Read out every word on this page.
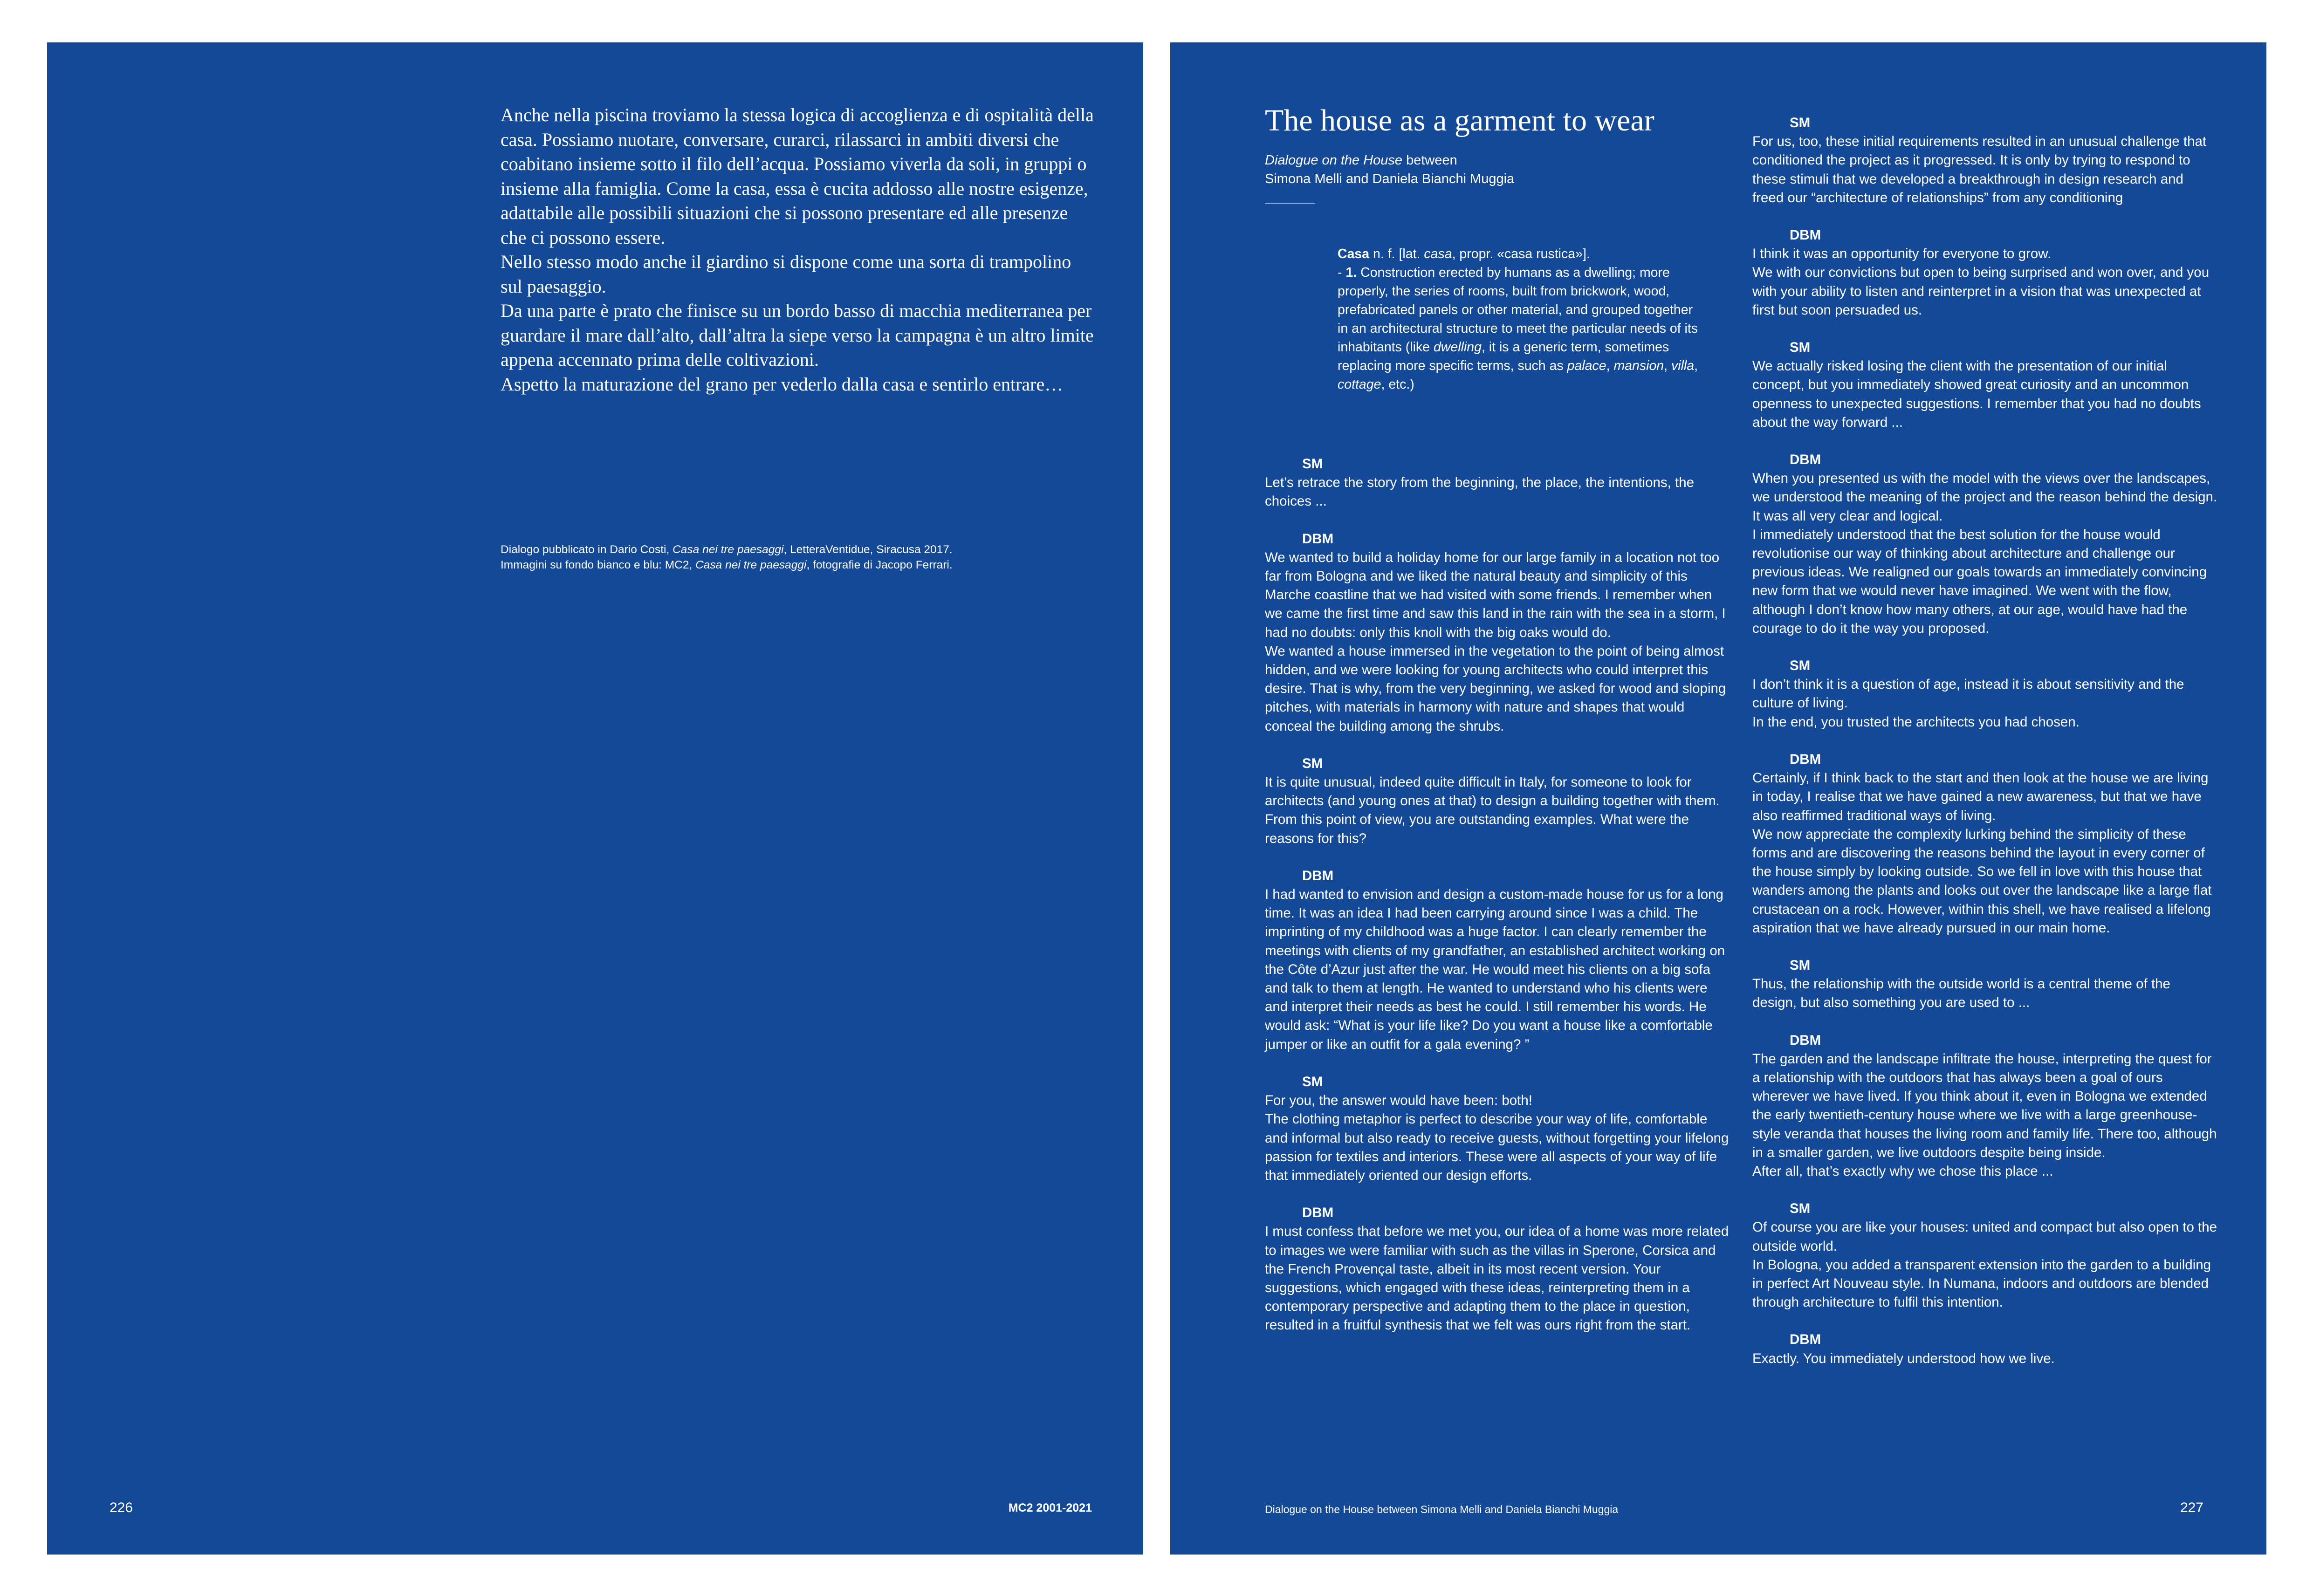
Anche nella piscina troviamo la stessa logica di accoglienza e di ospitalità della casa. Possiamo nuotare, conversare, curarci, rilassarci in ambiti diversi che coabitano insieme sotto il filo dell’acqua. Possiamo viverla da soli, in gruppi o insieme alla famiglia. Come la casa, essa è cucita addosso alle nostre esigenze, adattabile alle possibili situazioni che si possono presentare ed alle presenze che ci possono essere.

Nello stesso modo anche il giardino si dispone come una sorta di trampolino sul paesaggio.

Da una parte è prato che finisce su un bordo basso di macchia mediterranea per guardare il mare dall’alto, dall’altra la siepe verso la campagna è un altro limite appena accennato prima delle coltivazioni.

Aspetto la maturazione del grano per vederlo dalla casa e sentirlo entrare…

Dialogo pubblicato in Dario Costi, Casa nei tre paesaggi, LetteraVentidue, Siracusa 2017.

Immagini su fondo bianco e blu: MC2, Casa nei tre paesaggi, fotografie di Jacopo Ferrari.

226	MC2 2001-2021
The house as a garment to wear

Dialogue on the House between
Simona Melli and Daniela Bianchi Muggia

Casa n. f. [lat. casa, propr. «casa rustica»].
- 1. Construction erected by humans as a dwelling; more properly, the series of rooms, built from brickwork, wood, prefabricated panels or other material, and grouped together in an architectural structure to meet the particular needs of its inhabitants (like dwelling, it is a generic term, sometimes replacing more specific terms, such as palace, mansion, villa, cottage, etc.)

SM
Let’s retrace the story from the beginning, the place, the intentions, the choices ...
DBM
We wanted to build a holiday home for our large family in a location not too far from Bologna and we liked the natural beauty and simplicity of this Marche coastline that we had visited with some friends. I remember when we came the first time and saw this land in the rain with the sea in a storm, I had no doubts: only this knoll with the big oaks would do.
We wanted a house immersed in the vegetation to the point of being almost hidden, and we were looking for young architects who could interpret this desire. That is why, from the very beginning, we asked for wood and sloping pitches, with materials in harmony with nature and shapes that would conceal the building among the shrubs.
SM
It is quite unusual, indeed quite difficult in Italy, for someone to look for architects (and young ones at that) to design a building together with them. From this point of view, you are outstanding examples. What were the reasons for this?
DBM
I had wanted to envision and design a custom-made house for us for a long time. It was an idea I had been carrying around since I was a child. The imprinting of my childhood was a huge factor. I can clearly remember the meetings with clients of my grandfather, an established architect working on the Côte d’Azur just after the war. He would meet his clients on a big sofa and talk to them at length. He wanted to understand who his clients were and interpret their needs as best he could. I still remember his words. He would ask: “What is your life like? Do you want a house like a comfortable jumper or like an outfit for a gala evening? ”
SM
For you, the answer would have been: both!
The clothing metaphor is perfect to describe your way of life, comfortable and informal but also ready to receive guests, without forgetting your lifelong passion for textiles and interiors. These were all aspects of your way of life that immediately oriented our design efforts.
DBM
I must confess that before we met you, our idea of a home was more related to images we were familiar with such as the villas in Sperone, Corsica and the French Provençal taste, albeit in its most recent version. Your suggestions, which engaged with these ideas, reinterpreting them in a contemporary perspective and adapting them to the place in question, resulted in a fruitful synthesis that we felt was ours right from the start.
SM
For us, too, these initial requirements resulted in an unusual challenge that conditioned the project as it progressed. It is only by trying to respond to these stimuli that we developed a breakthrough in design research and freed our “architecture of relationships” from any conditioning
DBM
I think it was an opportunity for everyone to grow.
We with our convictions but open to being surprised and won over, and you with your ability to listen and reinterpret in a vision that was unexpected at first but soon persuaded us.
SM
We actually risked losing the client with the presentation of our initial concept, but you immediately showed great curiosity and an uncommon openness to unexpected suggestions. I remember that you had no doubts about the way forward ...
DBM
When you presented us with the model with the views over the landscapes, we understood the meaning of the project and the reason behind the design. It was all very clear and logical.
I immediately understood that the best solution for the house would revolutionise our way of thinking about architecture and challenge our previous ideas. We realigned our goals towards an immediately convincing new form that we would never have imagined. We went with the flow, although I don’t know how many others, at our age, would have had the courage to do it the way you proposed.
SM
I don’t think it is a question of age, instead it is about sensitivity and the culture of living.
In the end, you trusted the architects you had chosen.
DBM
Certainly, if I think back to the start and then look at the house we are living in today, I realise that we have gained a new awareness, but that we have also reaffirmed traditional ways of living.
We now appreciate the complexity lurking behind the simplicity of these forms and are discovering the reasons behind the layout in every corner of the house simply by looking outside. So we fell in love with this house that wanders among the plants and looks out over the landscape like a large flat crustacean on a rock. However, within this shell, we have realised a lifelong aspiration that we have already pursued in our main home.
SM
Thus, the relationship with the outside world is a central theme of the design, but also something you are used to ...
DBM
The garden and the landscape infiltrate the house, interpreting the quest for a relationship with the outdoors that has always been a goal of ours wherever we have lived. If you think about it, even in Bologna we extended the early twentieth-century house where we live with a large greenhouse-style veranda that houses the living room and family life. There too, although in a smaller garden, we live outdoors despite being inside.
After all, that’s exactly why we chose this place ...
SM
Of course you are like your houses: united and compact but also open to the outside world.
In Bologna, you added a transparent extension into the garden to a building in perfect Art Nouveau style. In Numana, indoors and outdoors are blended through architecture to fulfil this intention.
DBM
Exactly. You immediately understood how we live.
Dialogue on the House between Simona Melli and Daniela Bianchi Muggia	227
